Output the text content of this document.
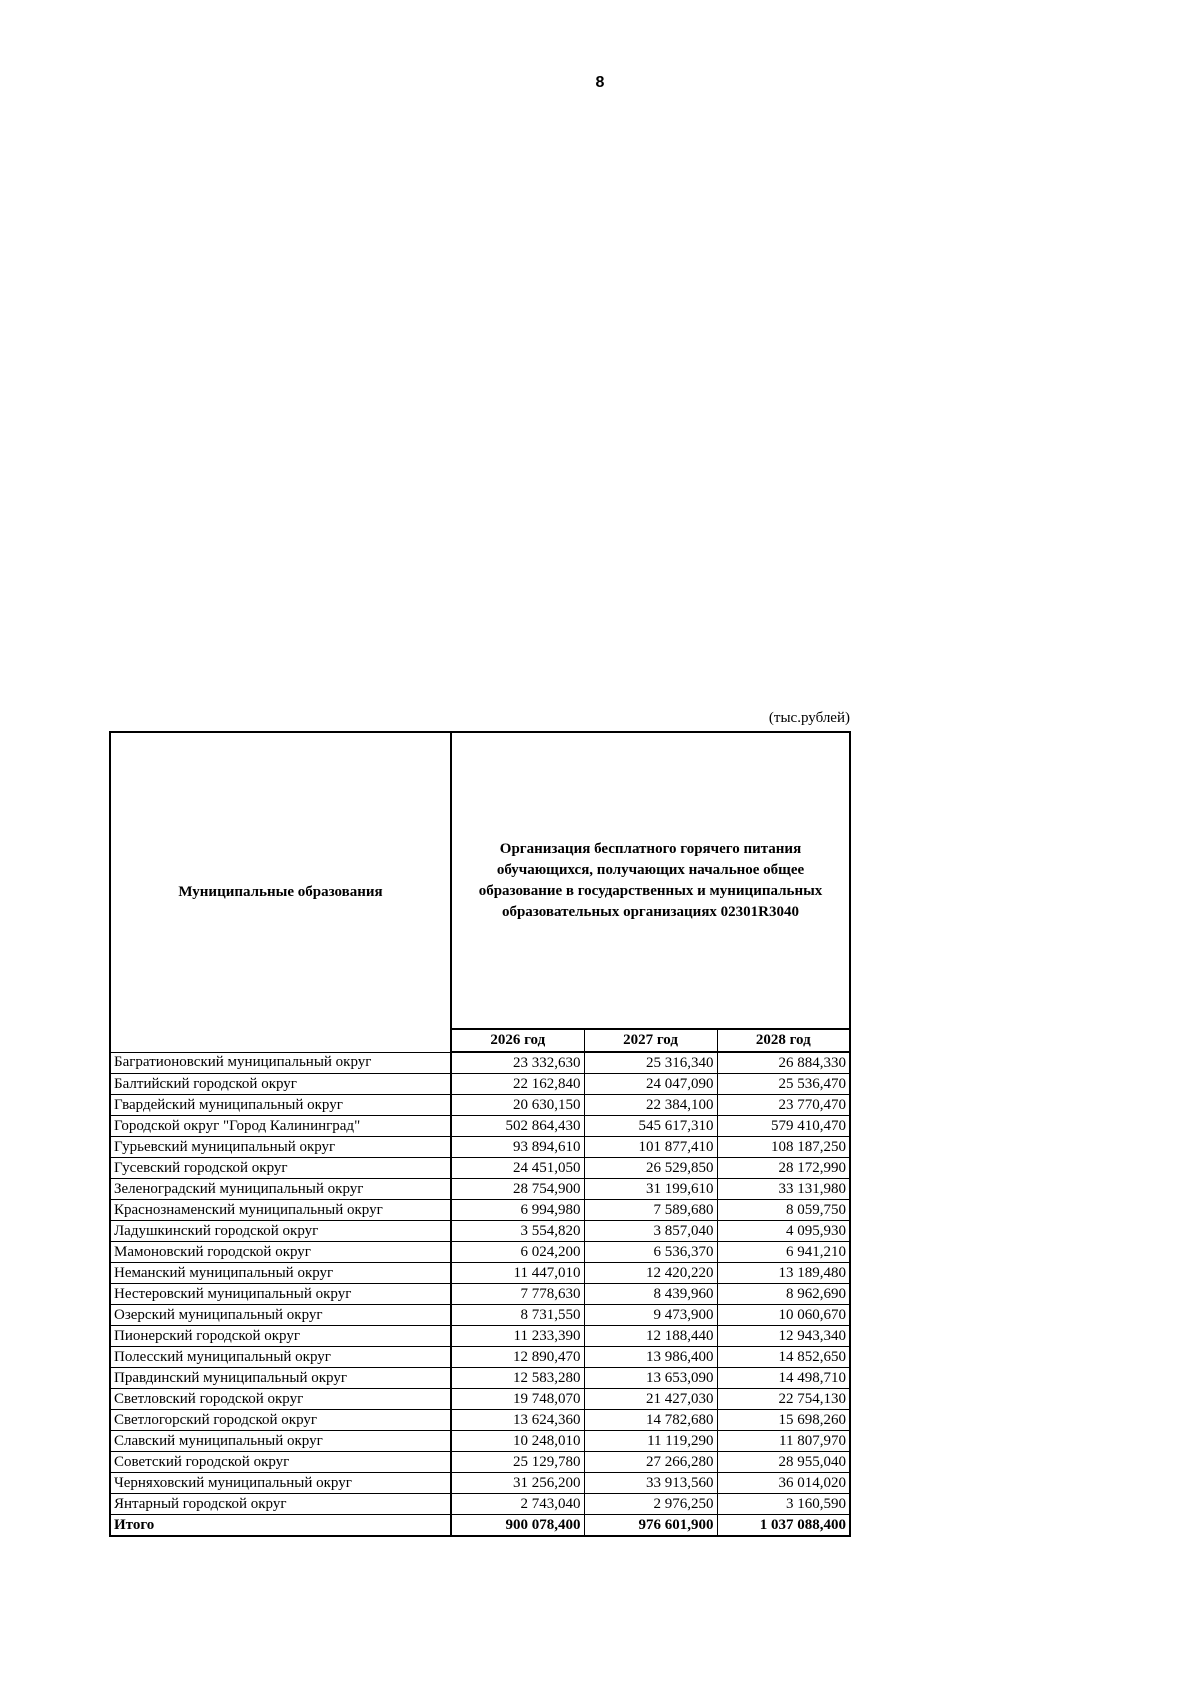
8
(тыс.рублей)
Муниципальные образования	Организация бесплатного горячего питания обучающихся, получающих начальное общее образование в государственных и муниципальных образовательных организациях 02301R3040		
	2026 год	2027 год	2028 год
Багратионовский муниципальный округ	23 332,630	25 316,340	26 884,330
Балтийский городской округ	22 162,840	24 047,090	25 536,470
Гвардейский муниципальный округ	20 630,150	22 384,100	23 770,470
Городской округ "Город Калининград"	502 864,430	545 617,310	579 410,470
Гурьевский муниципальный округ	93 894,610	101 877,410	108 187,250
Гусевский городской округ	24 451,050	26 529,850	28 172,990
Зеленоградский муниципальный округ	28 754,900	31 199,610	33 131,980
Краснознаменский муниципальный округ	6 994,980	7 589,680	8 059,750
Ладушкинский городской округ	3 554,820	3 857,040	4 095,930
Мамоновский городской округ	6 024,200	6 536,370	6 941,210
Неманский муниципальный округ	11 447,010	12 420,220	13 189,480
Нестеровский муниципальный округ	7 778,630	8 439,960	8 962,690
Озерский муниципальный округ	8 731,550	9 473,900	10 060,670
Пионерский городской округ	11 233,390	12 188,440	12 943,340
Полесский муниципальный округ	12 890,470	13 986,400	14 852,650
Правдинский муниципальный округ	12 583,280	13 653,090	14 498,710
Светловский городской округ	19 748,070	21 427,030	22 754,130
Светлогорский городской округ	13 624,360	14 782,680	15 698,260
Славский муниципальный округ	10 248,010	11 119,290	11 807,970
Советский городской округ	25 129,780	27 266,280	28 955,040
Черняховский муниципальный округ	31 256,200	33 913,560	36 014,020
Янтарный городской округ	2 743,040	2 976,250	3 160,590
Итого	900 078,400	976 601,900	1 037 088,400
